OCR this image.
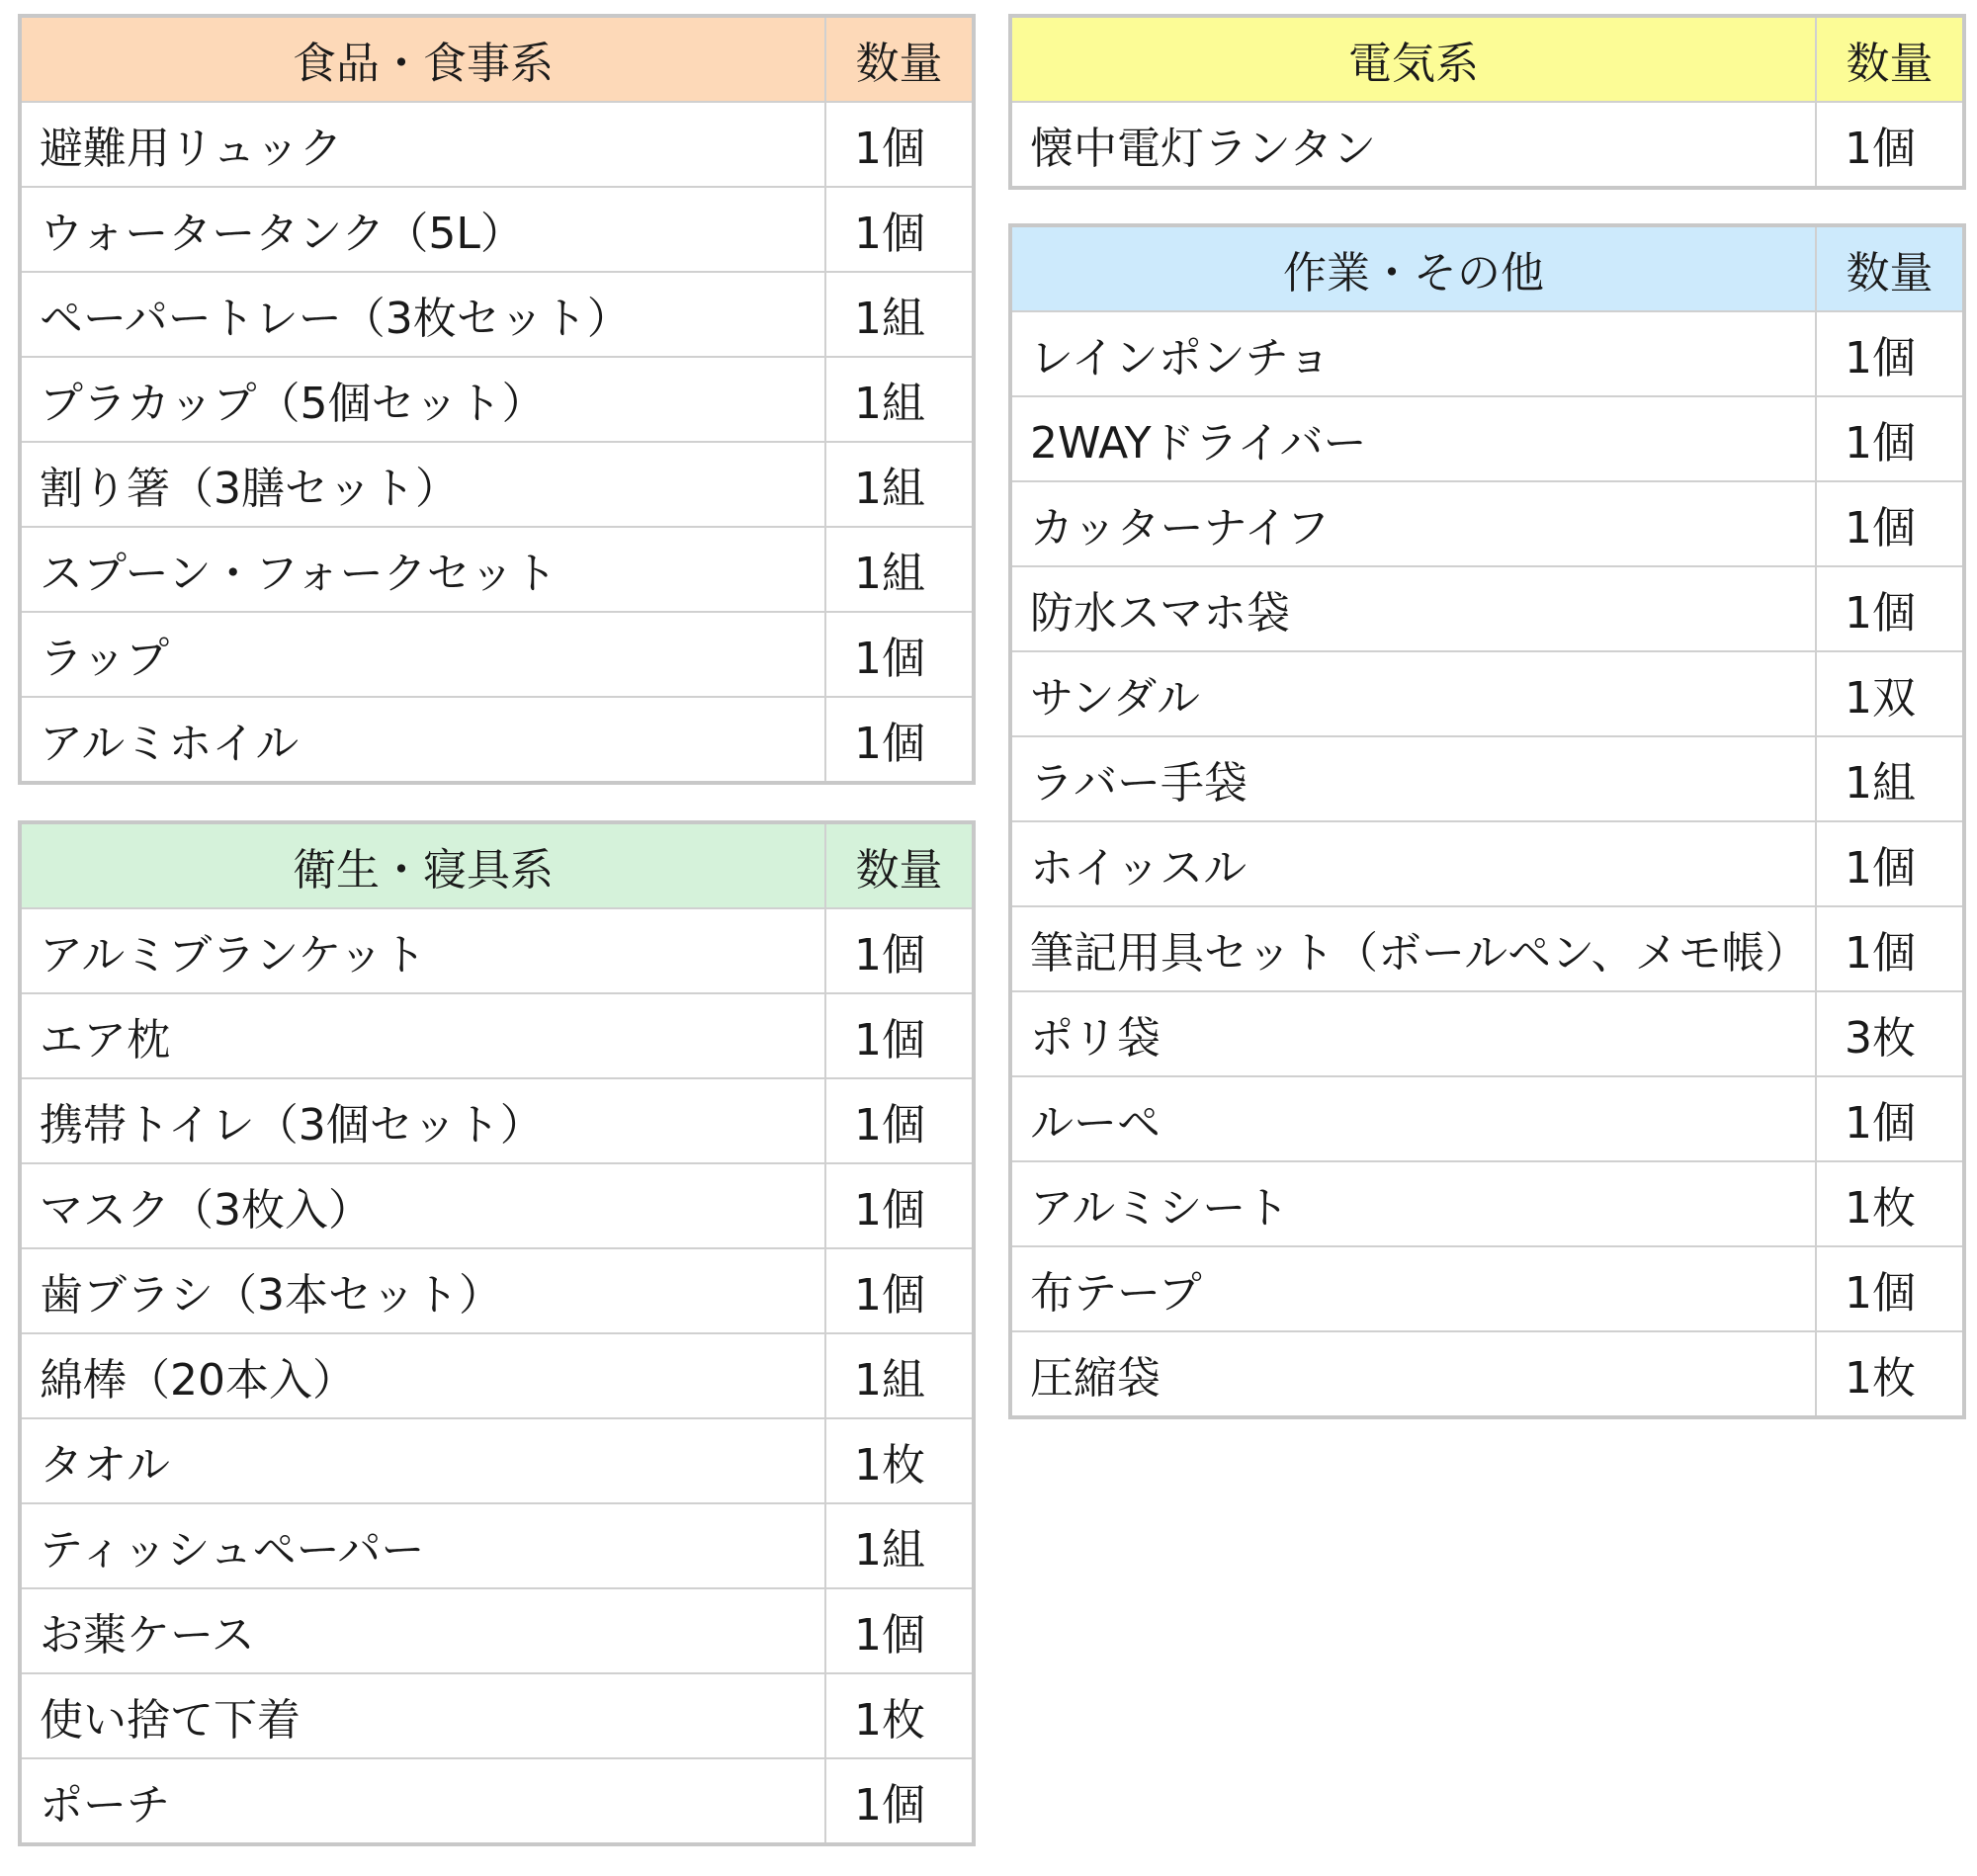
食品・食事系	数量
避難用リュック	1個
ウォータータンク（5L）	1個
ペーパートレー（3枚セット）	1組
プラカップ（5個セット）	1組
割り箸（3膳セット）	1組
スプーン・フォークセット	1組
ラップ	1個
アルミホイル	1個
衛生・寝具系	数量
アルミブランケット	1個
エア枕	1個
携帯トイレ（3個セット）	1個
マスク（3枚入）	1個
歯ブラシ（3本セット）	1個
綿棒（20本入）	1組
タオル	1枚
ティッシュペーパー	1組
お薬ケース	1個
使い捨て下着	1枚
ポーチ	1個
電気系	数量
懐中電灯ランタン	1個
作業・その他	数量
レインポンチョ	1個
2WAYドライバー	1個
カッターナイフ	1個
防水スマホ袋	1個
サンダル	1双
ラバー手袋	1組
ホイッスル	1個
筆記用具セット（ボールペン、メモ帳）	1個
ポリ袋	3枚
ルーペ	1個
アルミシート	1枚
布テープ	1個
圧縮袋	1枚
